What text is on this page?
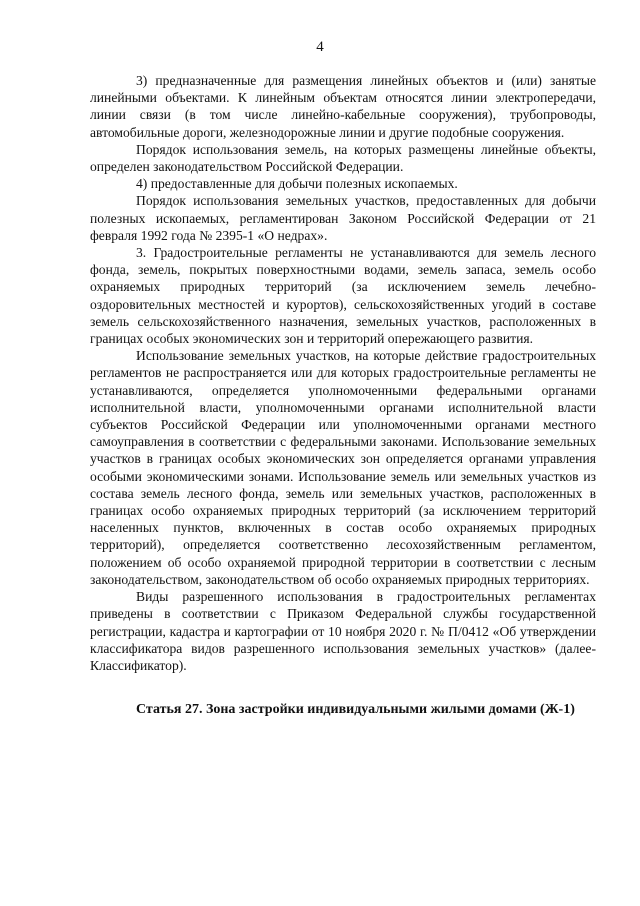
4

3) предназначенные для размещения линейных объектов и (или) занятые линейными объектами. К линейным объектам относятся линии электропередачи, линии связи (в том числе линейно-кабельные сооружения), трубопроводы, автомобильные дороги, железнодорожные линии и другие подобные сооружения.

Порядок использования земель, на которых размещены линейные объекты, определен законодательством Российской Федерации.

4) предоставленные для добычи полезных ископаемых.

Порядок использования земельных участков, предоставленных для добычи полезных ископаемых, регламентирован Законом Российской Федерации от 21 февраля 1992 года № 2395-1 «О недрах».

3. Градостроительные регламенты не устанавливаются для земель лесного фонда, земель, покрытых поверхностными водами, земель запаса, земель особо охраняемых природных территорий (за исключением земель лечебно-оздоровительных местностей и курортов), сельскохозяйственных угодий в составе земель сельскохозяйственного назначения, земельных участков, расположенных в границах особых экономических зон и территорий опережающего развития.

Использование земельных участков, на которые действие градостроительных регламентов не распространяется или для которых градостроительные регламенты не устанавливаются, определяется уполномоченными федеральными органами исполнительной власти, уполномоченными органами исполнительной власти субъектов Российской Федерации или уполномоченными органами местного самоуправления в соответствии с федеральными законами. Использование земельных участков в границах особых экономических зон определяется органами управления особыми экономическими зонами. Использование земель или земельных участков из состава земель лесного фонда, земель или земельных участков, расположенных в границах особо охраняемых природных территорий (за исключением территорий населенных пунктов, включенных в состав особо охраняемых природных территорий), определяется соответственно лесохозяйственным регламентом, положением об особо охраняемой природной территории в соответствии с лесным законодательством, законодательством об особо охраняемых природных территориях.

Виды разрешенного использования в градостроительных регламентах приведены в соответствии с Приказом Федеральной службы государственной регистрации, кадастра и картографии от 10 ноября 2020 г. № П/0412 «Об утверждении классификатора видов разрешенного использования земельных участков» (далее-Классификатор).

Статья 27. Зона застройки индивидуальными жилыми домами (Ж-1)
